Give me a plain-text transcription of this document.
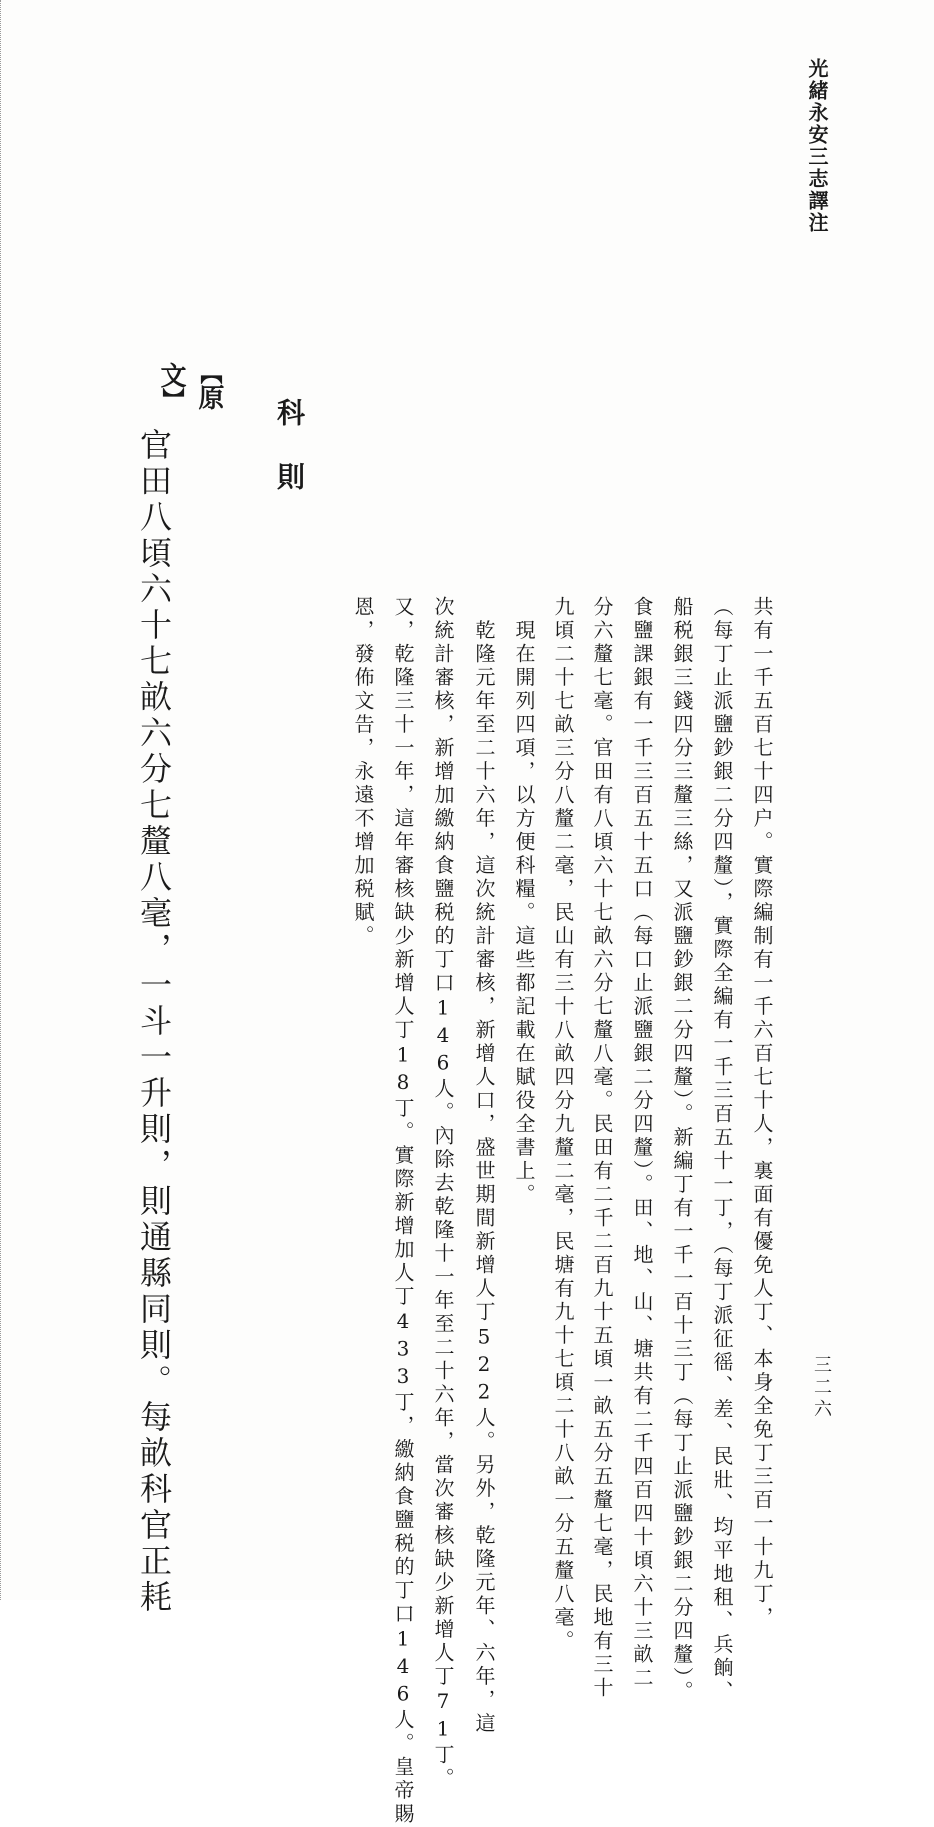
光緒永安三志譯注
三二六
共有一千五百七十四户。實際編制有一千六百七十人，裏面有優免人丁、本身全免丁三百一十九丁，
（每丁止派鹽鈔銀二分四釐），實際全編有一千三百五十一丁，（每丁派征徭、差、民壯、均平地租、兵餉、
船税銀三錢四分三釐三絲，又派鹽鈔銀二分四釐）。新編丁有一千一百十三丁（每丁止派鹽鈔銀二分四釐）。
食鹽課銀有一千三百五十五口（每口止派鹽銀二分四釐）。田、地、山、塘共有二千四百四十頃六十三畝二
分六釐七毫。官田有八頃六十七畝六分七釐八毫。民田有二千二百九十五頃一畝五分五釐七毫，民地有三十
九頃二十七畝三分八釐二毫，民山有三十八畝四分九釐二毫，民塘有九十七頃二十八畝一分五釐八毫。
　現在開列四項，以方便科糧。這些都記載在賦役全書上。
　乾隆元年至二十六年，這次統計審核，新增人口，盛世期間新增人丁522人。另外，乾隆元年、六年，這
次統計審核，新增加繳納食鹽税的丁口146人。內除去乾隆十一年至二十六年，當次審核缺少新增人丁71丁。
又，乾隆三十一年，這年審核缺少新增人丁18丁。實際新增加人丁433丁，繳納食鹽税的丁口146人。皇帝賜
恩，發佈文告，永遠不增加税賦。
科則
【原文】
官田八頃六十七畝六分七釐八毫，一斗一升則，則通縣同則。每畝科官正耗
